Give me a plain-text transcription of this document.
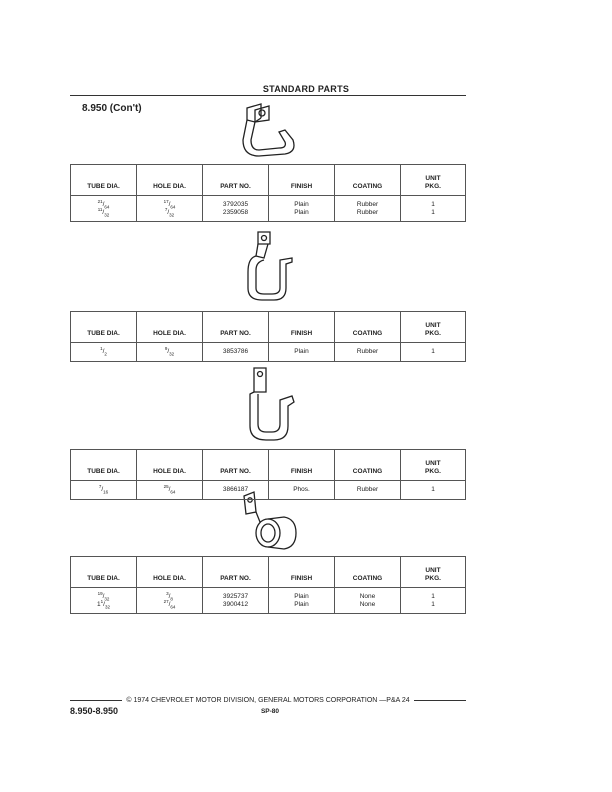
STANDARD PARTS
8.950 (Con't)
TUBE DIA.	HOLE DIA.	PART NO.	FINISH	COATING	UNIT
PKG.

$^{21}/_{64}$	$^{17}/_{64}$	3792035	Plain	Rubber	1
$^{11}/_{32}$	$^7/_{32}$	2359058	Plain	Rubber	1

TUBE DIA.	HOLE DIA.	PART NO.	FINISH	COATING	UNIT
PKG.

$^1/_2$	$^9/_{32}$	3853786	Plain	Rubber	1

TUBE DIA.	HOLE DIA.	PART NO.	FINISH	COATING	UNIT
PKG.

$^7/_{16}$	$^{25}/_{64}$	3866187	Phos.	Rubber	1

TUBE DIA.	HOLE DIA.	PART NO.	FINISH	COATING	UNIT
PKG.

$^{19}/_{32}$	$^3/_8$	3925737	Plain	None	1
$1^1/_{32}$	$^{27}/_{64}$	3900412	Plain	None	1

© 1974 CHEVROLET MOTOR DIVISION, GENERAL MOTORS CORPORATION —P&A 24
8.950-8.950	SP-80
